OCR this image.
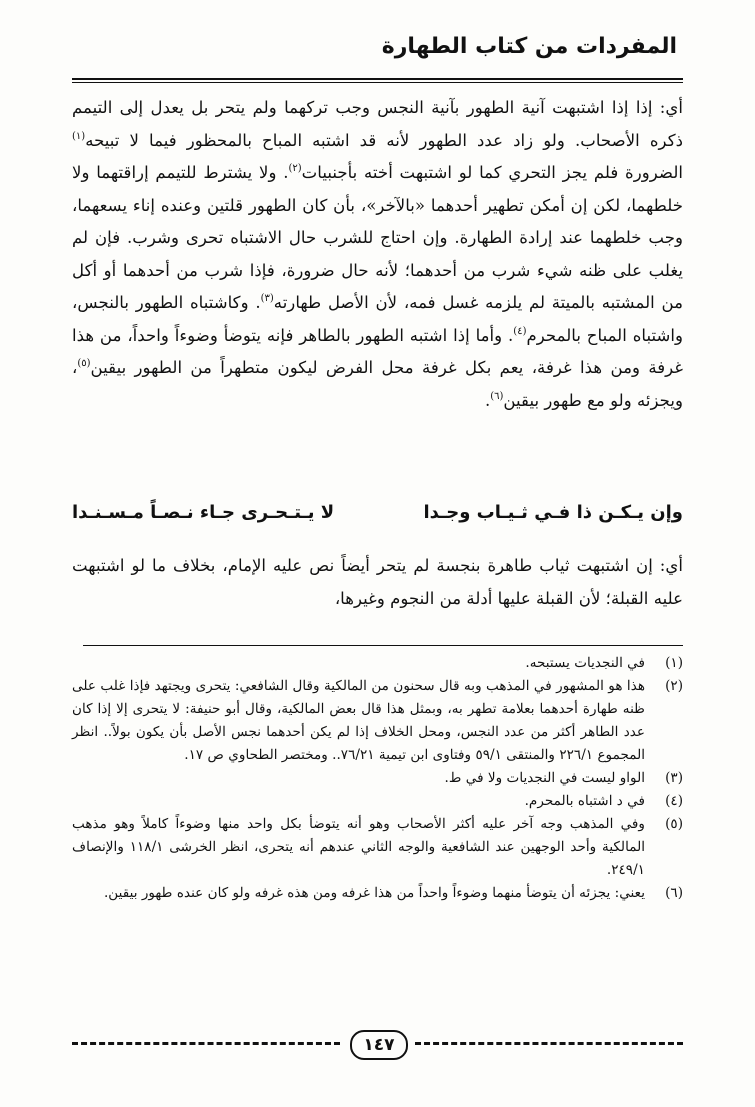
المفردات من كتاب الطهارة

أي: إذا إذا اشتبهت آنية الطهور بآنية النجس وجب تركهما ولم يتحر بل يعدل إلى التيمم ذكره الأصحاب. ولو زاد عدد الطهور لأنه قد اشتبه المباح بالمحظور فيما لا تبيحه$^{(١)}$ الضرورة فلم يجز التحري كما لو اشتبهت أخته بأجنبيات$^{(٢)}$. ولا يشترط للتيمم إراقتهما ولا خلطهما، لكن إن أمكن تطهير أحدهما «بالآخر»، بأن كان الطهور قلتين وعنده إناء يسعهما، وجب خلطهما عند إرادة الطهارة. وإن احتاج للشرب حال الاشتباه تحرى وشرب. فإن لم يغلب على ظنه شيء شرب من أحدهما؛ لأنه حال ضرورة، فإذا شرب من أحدهما أو أكل من المشتبه بالميتة لم يلزمه غسل فمه، لأن الأصل طهارته$^{(٣)}$. وكاشتباه الطهور بالنجس، واشتباه المباح بالمحرم$^{(٤)}$. وأما إذا اشتبه الطهور بالطاهر فإنه يتوضأ وضوءاً واحداً، من هذا غرفة ومن هذا غرفة، يعم بكل غرفة محل الفرض ليكون متطهراً من الطهور بيقين$^{(٥)}$، ويجزئه ولو مع طهور بيقين$^{(٦)}$.

وإن يـكـن ذا فـي ثـيـاب وجـدا
لا يـتـحـرى جـاء نـصـاً مـسـنـدا

أي: إن اشتبهت ثياب طاهرة بنجسة لم يتحر أيضاً نص عليه الإمام، بخلاف ما لو اشتبهت عليه القبلة؛ لأن القبلة عليها أدلة من النجوم وغيرها،

(١)
في النجديات يستبحه.
(٢)
هذا هو المشهور في المذهب وبه قال سحنون من المالكية وقال الشافعي: يتحرى ويجتهد فإذا غلب على ظنه طهارة أحدهما بعلامة تطهر به، وبمثل هذا قال بعض المالكية، وقال أبو حنيفة: لا يتحرى إلا إذا كان عدد الطاهر أكثر من عدد النجس، ومحل الخلاف إذا لم يكن أحدهما نجس الأصل بأن يكون بولاً.. انظر المجموع ٢٢٦/١ والمنتقى ٥٩/١ وفتاوى ابن تيمية ٧٦/٢١.. ومختصر الطحاوي ص ١٧.
(٣)
الواو ليست في النجديات ولا في ط.
(٤)
في د اشتباه بالمحرم.
(٥)
وفي المذهب وجه آخر عليه أكثر الأصحاب وهو أنه يتوضأ بكل واحد منها وضوءاً كاملاً وهو مذهب المالكية وأحد الوجهين عند الشافعية والوجه الثاني عندهم أنه يتحرى، انظر الخرشى ١١٨/١ والإنصاف ٢٤٩/١.
(٦)
يعني: يجزئه أن يتوضأ منهما وضوءاً واحداً من هذا غرفه ومن هذه غرفه ولو كان عنده طهور بيقين.
١٤٧
